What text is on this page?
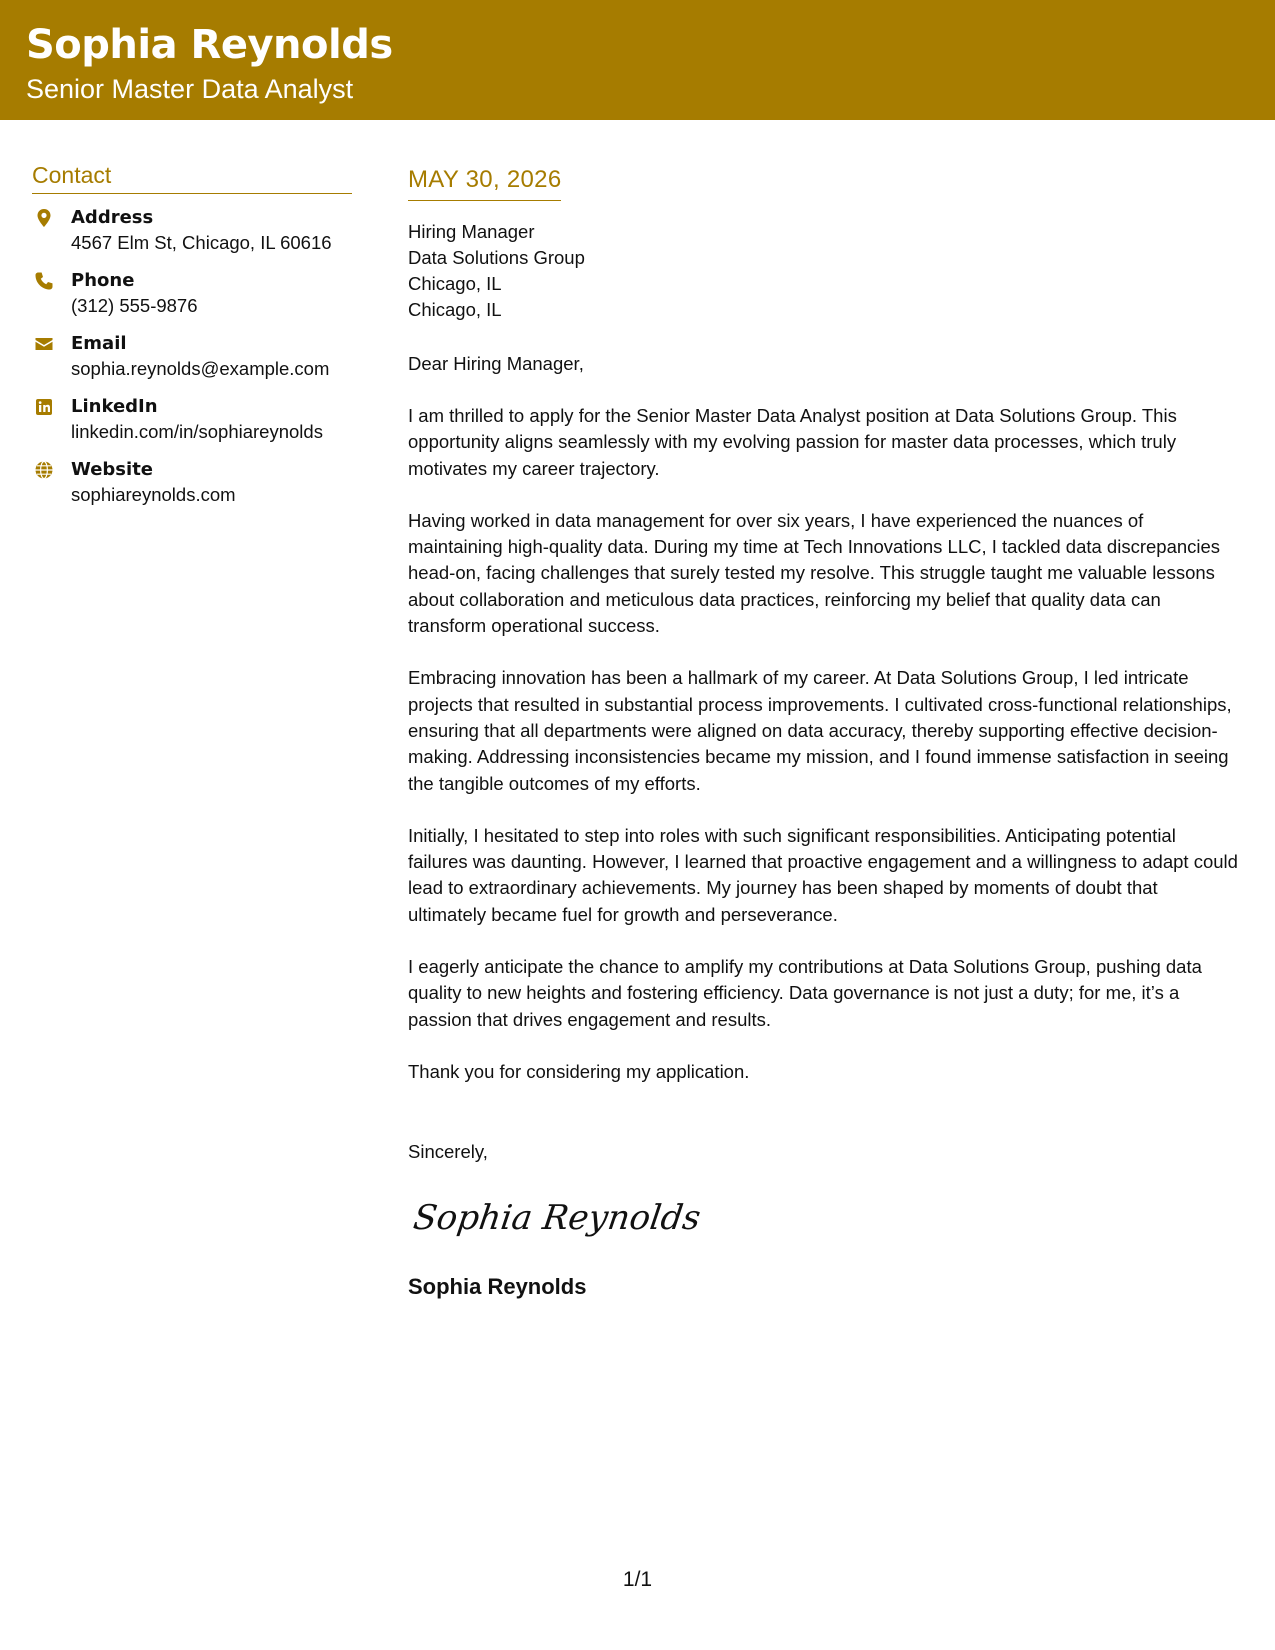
Sophia Reynolds
Senior Master Data Analyst
Contact
Address
4567 Elm St, Chicago, IL 60616
Phone
(312) 555-9876
Email
sophia.reynolds@example.com
LinkedIn
linkedin.com/in/sophiareynolds
Website
sophiareynolds.com
MAY 30, 2026
Hiring Manager
Data Solutions Group
Chicago, IL
Chicago, IL
Dear Hiring Manager,
I am thrilled to apply for the Senior Master Data Analyst position at Data Solutions Group. This opportunity aligns seamlessly with my evolving passion for master data processes, which truly motivates my career trajectory.
Having worked in data management for over six years, I have experienced the nuances of maintaining high-quality data. During my time at Tech Innovations LLC, I tackled data discrepancies head-on, facing challenges that surely tested my resolve. This struggle taught me valuable lessons about collaboration and meticulous data practices, reinforcing my belief that quality data can transform operational success.
Embracing innovation has been a hallmark of my career. At Data Solutions Group, I led intricate projects that resulted in substantial process improvements. I cultivated cross-functional relationships, ensuring that all departments were aligned on data accuracy, thereby supporting effective decision-making. Addressing inconsistencies became my mission, and I found immense satisfaction in seeing the tangible outcomes of my efforts.
Initially, I hesitated to step into roles with such significant responsibilities. Anticipating potential failures was daunting. However, I learned that proactive engagement and a willingness to adapt could lead to extraordinary achievements. My journey has been shaped by moments of doubt that ultimately became fuel for growth and perseverance.
I eagerly anticipate the chance to amplify my contributions at Data Solutions Group, pushing data quality to new heights and fostering efficiency. Data governance is not just a duty; for me, it’s a passion that drives engagement and results.
Thank you for considering my application.
Sincerely,
Sophia Reynolds
Sophia Reynolds
1/1
